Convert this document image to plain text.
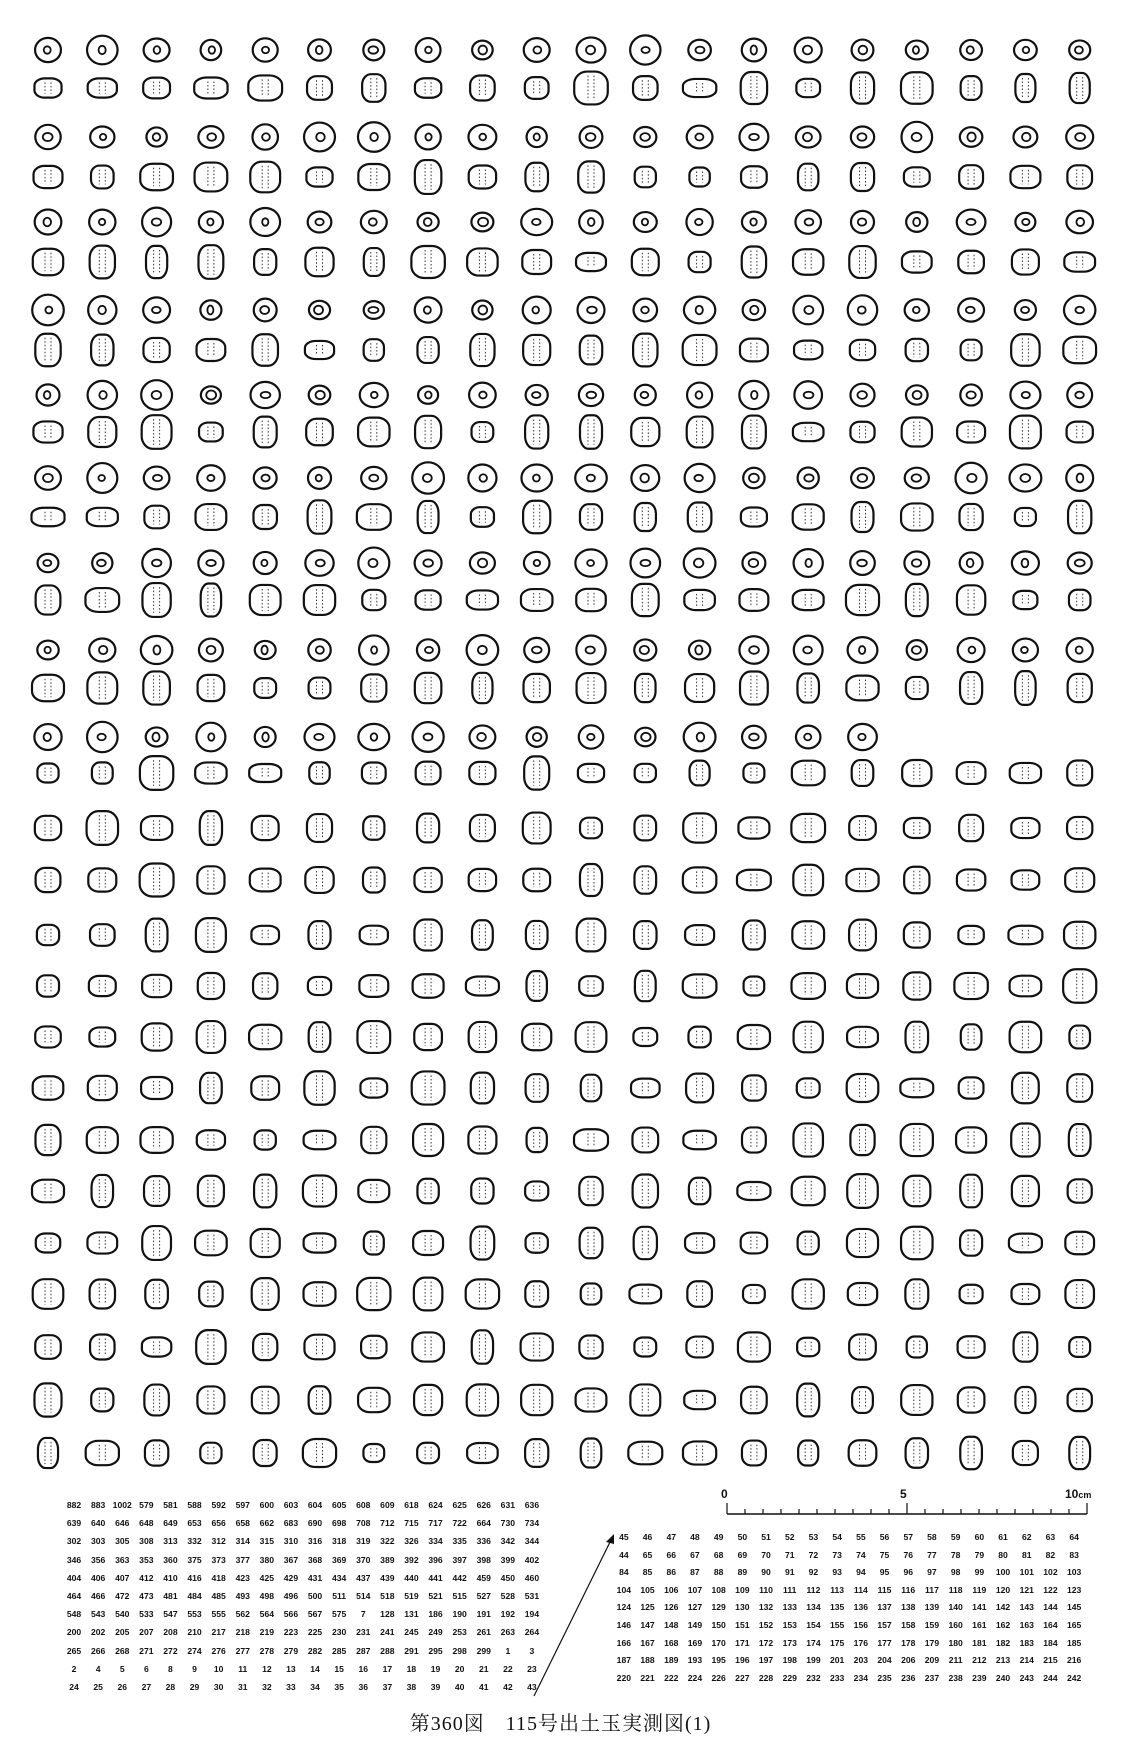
882	883 1002 579	581	588	592	597	600	603	604	605	608	609	618	624	625	626	631	636
639	640	646	648	649	653	656	658	662	683	690	698	708	712	715	717	722	664	730	734
302	303	305	308	313	332	312	314	315	310	316	318	319	322	326	334	335	336	342	344
346	356	363	353	360	375	373	377	380	367	368	369	370	389	392	396	397	398	399	402
404	406	407	412	410	416	418	423	425	429	431	434	437	439	440	441	442	459	450	460
464	466	472	473	481	484	485	493	498	496	500	511	514	518	519	521	515	527	528	531
548	543	540	533	547	553	555	562	564	566	567	575	7	128	131	186	190	191	192	194
200	202	205	207	208	210	217	218	219	223	225	230	231	241	245	249	253	261	263	264
265	266	268	271	272	274	276	277	278	279	282	285	287	288	291	295	298	299	1	3
2	4	5	6	8	9	10	11	12	13	14	15	16	17	18	19	20	21	22	23
24	25	26	27	28	29	30	31	32	33	34	35	36	37	38	39	40	41	42	43
45	46	47	48	49	50	51	52	53	54	55	56	57	58	59	60	61	62	63	64
44	65	66	67	68	69	70	71	72	73	74	75	76	77	78	79	80	81	82	83
84	85	86	87	88	89	90	91	92	93	94	95	96	97	98	99	100	101	102	103
104	105	106	107	108	109	110	111	112	113	114	115	116	117	118	119	120	121	122	123
124	125	126	127	129	130	132	133	134	135	136	137	138	139	140	141	142	143	144	145
146	147	148	149	150	151	152	153	154	155	156	157	158	159	160	161	162	163	164	165
166	167	168	169	170	171	172	173	174	175	176	177	178	179	180	181	182	183	184	185
187	188	189	193	195	196	197	198	199	201	203	204	206	209	211	212	213	214	215	216
220	221	222	224	226	227	228	229	232	233	234	235	236	237	238	239	240	243	244	242
0	5	10cm
第360図　115号出土玉実測図(1)
